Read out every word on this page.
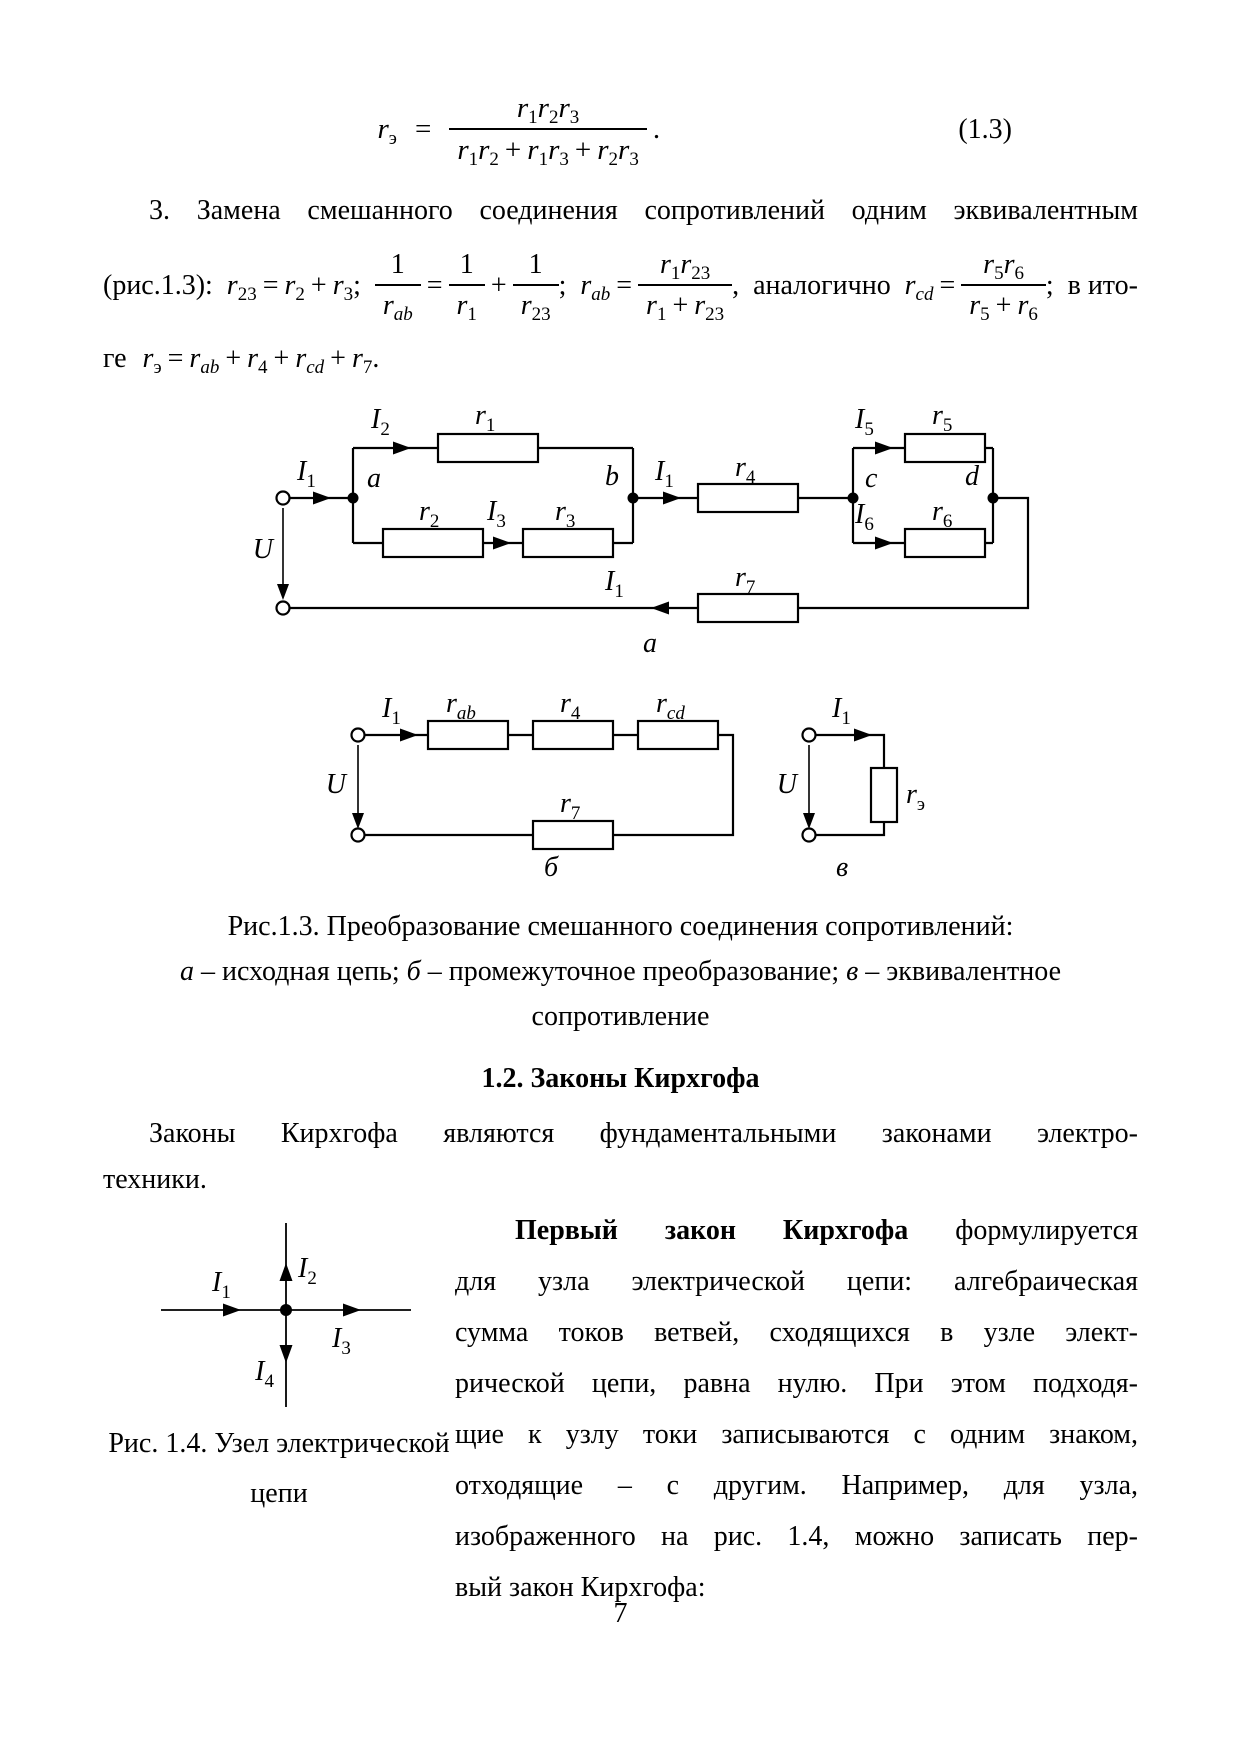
$r_э = \frac{r_1r_2r_3}{r_1r_2 + r_1r_3 + r_2r_3}$ .	(1.3)
3. Замена смешанного соединения сопротивлений одним эквивалентным
(рис.1.3): $r_{23} = r_2 + r_3$ ; $\frac{1}{r_{ab}} = \frac{1}{r_1} + \frac{1}{r_{23}}$ ; $r_{ab} = \frac{r_1r_{23}}{r_1 + r_{23}}$ , аналогично $r_{cd} = \frac{r_5r_6}{r_5 + r_6}$ ; в ито-
ге $r_э = r_{ab} + r_4 + r_{cd} + r_7$ .
$I_1$ a
$I_2$	$r_1$
$r_2$ $I_3$ $r_3$
b $I_1$ $r_4$	c
$I_5$ $r_5$
$I_6$ $r_6$
d
$I_1$	$r_7$
U
а
$I_1$ $r_{ab}$	$r_4$	$r_{cd}$
$r_7$
U
б
$I_1$
$r_э$
U
в
Рис.1.3. Преобразование смешанного соединения сопротивлений:
а – исходная цепь; б – промежуточное преобразование; в – эквивалентное
сопротивление
1.2. Законы Кирхгофа
Законы Кирхгофа являются фундаментальными законами электро-
техники.
$I_1$
$I_2$
$I_3$
$I_4$
Рис. 1.4. Узел электрической
цепи
Первый закон Кирхгофа формулируется
для узла электрической цепи: алгебраическая
сумма токов ветвей, сходящихся в узле элект-
рической цепи, равна нулю. При этом подходя-
щие к узлу токи записываются с одним знаком,
отходящие – с другим. Например, для узла,
изображенного на рис. 1.4, можно записать пер-
вый закон Кирхгофа:
7
